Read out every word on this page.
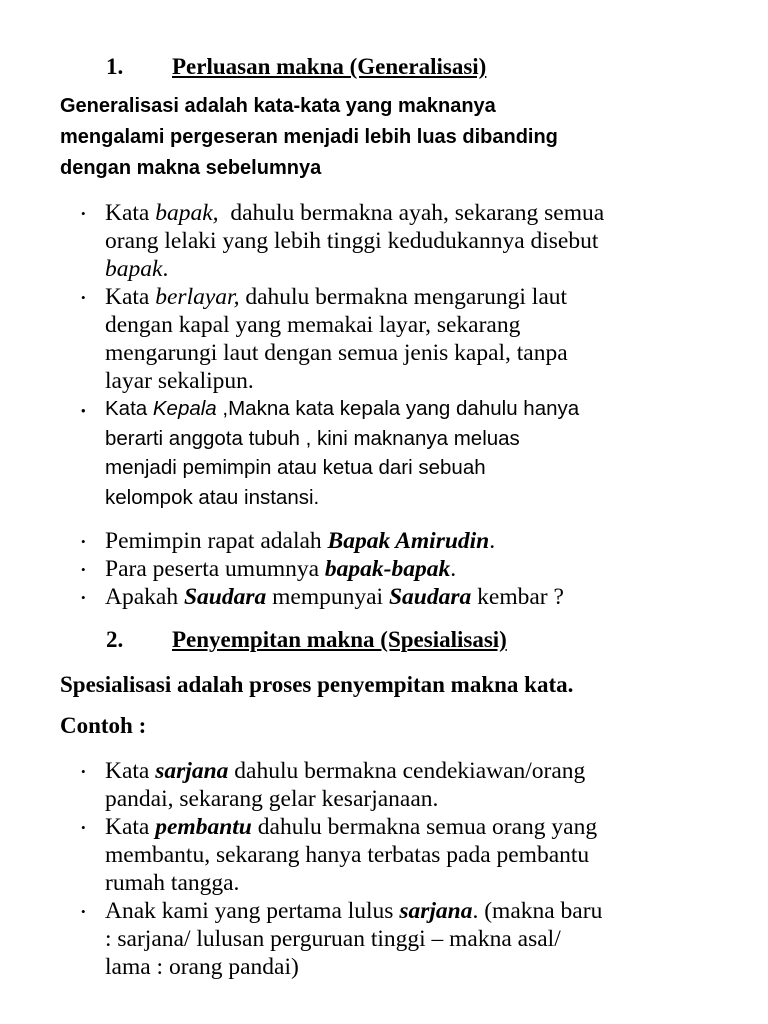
1. Perluasan makna (Generalisasi)
Generalisasi adalah kata-kata yang maknanya
mengalami pergeseran menjadi lebih luas dibanding
dengan makna sebelumnya
• Kata bapak,  dahulu bermakna ayah, sekarang semua
orang lelaki yang lebih tinggi kedudukannya disebut
bapak.
• Kata berlayar, dahulu bermakna mengarungi laut
dengan kapal yang memakai layar, sekarang
mengarungi laut dengan semua jenis kapal, tanpa
layar sekalipun.
• Kata Kepala ,Makna kata kepala yang dahulu hanya
berarti anggota tubuh , kini maknanya meluas
menjadi pemimpin atau ketua dari sebuah
kelompok atau instansi.
• Pemimpin rapat adalah Bapak Amirudin.
• Para peserta umumnya bapak-bapak.
• Apakah Saudara mempunyai Saudara kembar ?
2. Penyempitan makna (Spesialisasi)
Spesialisasi adalah proses penyempitan makna kata.
Contoh :
• Kata sarjana dahulu bermakna cendekiawan/orang
pandai, sekarang gelar kesarjanaan.
• Kata pembantu dahulu bermakna semua orang yang
membantu, sekarang hanya terbatas pada pembantu
rumah tangga.
• Anak kami yang pertama lulus sarjana. (makna baru
: sarjana/ lulusan perguruan tinggi – makna asal/
lama : orang pandai)
